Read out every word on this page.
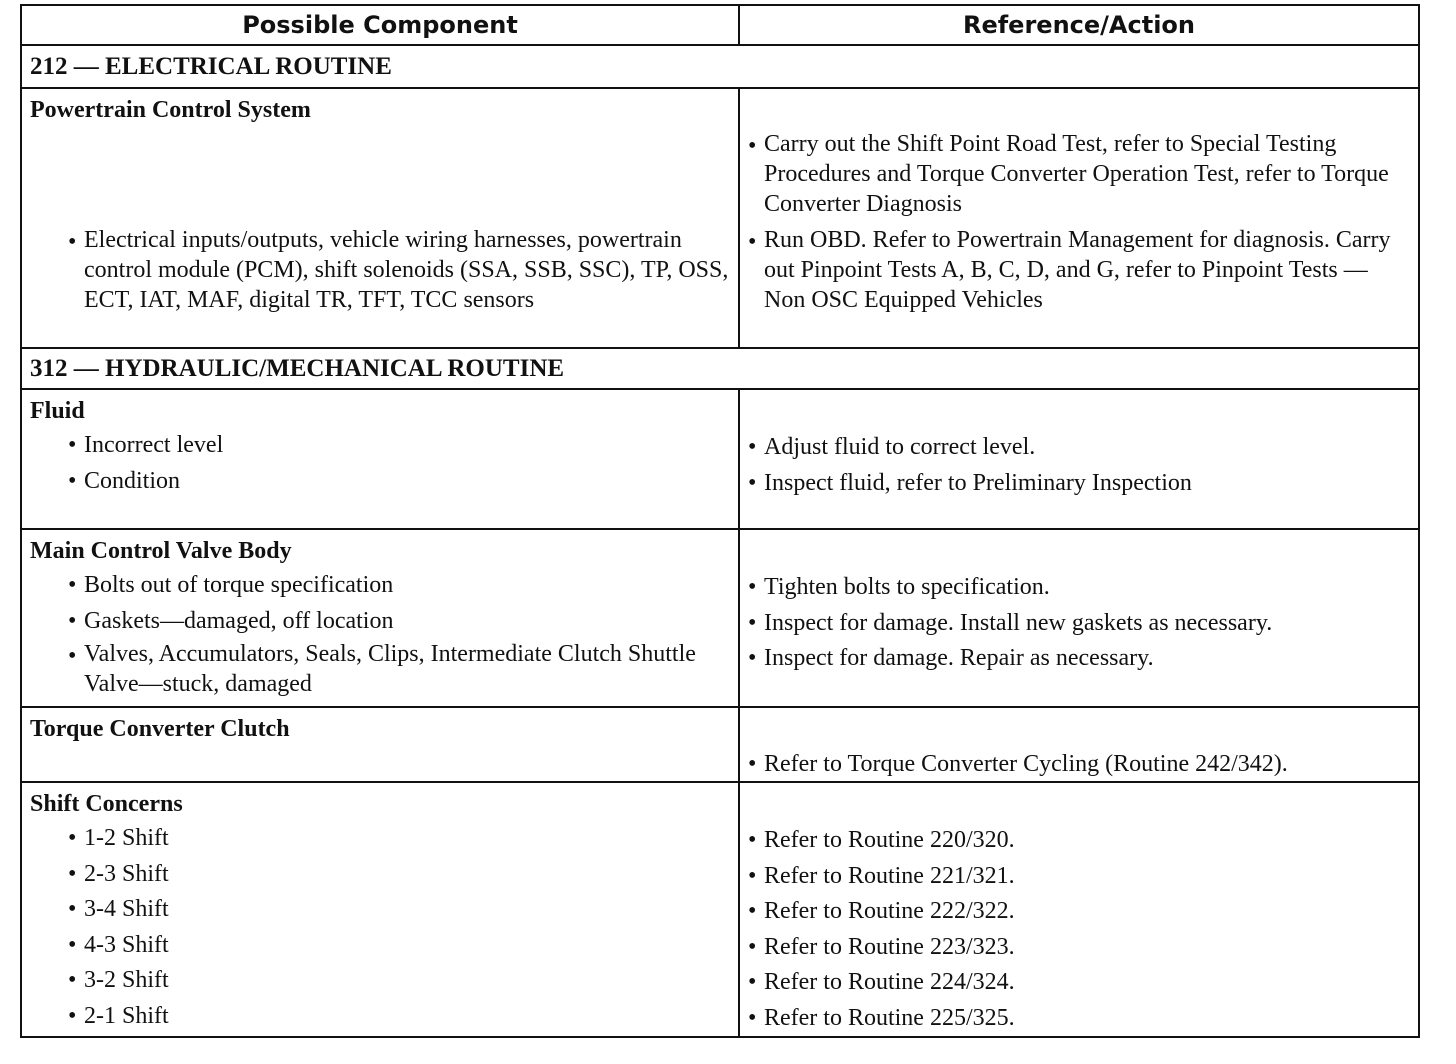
Possible Component	Reference/Action
212 — ELECTRICAL ROUTINE
Powertrain Control System
• Electrical inputs/outputs, vehicle wiring harnesses, powertrain control module (PCM), shift solenoids (SSA, SSB, SSC), TP, OSS, ECT, IAT, MAF, digital TR, TFT, TCC sensors
• Carry out the Shift Point Road Test, refer to Special Testing Procedures and Torque Converter Operation Test, refer to Torque Converter Diagnosis
• Run OBD. Refer to Powertrain Management for diagnosis. Carry out Pinpoint Tests A, B, C, D, and G, refer to Pinpoint Tests — Non OSC Equipped Vehicles
312 — HYDRAULIC/MECHANICAL ROUTINE
Fluid
• Incorrect level
• Condition
• Adjust fluid to correct level.
• Inspect fluid, refer to Preliminary Inspection
Main Control Valve Body
• Bolts out of torque specification
• Gaskets—damaged, off location
• Valves, Accumulators, Seals, Clips, Intermediate Clutch Shuttle Valve—stuck, damaged
• Tighten bolts to specification.
• Inspect for damage. Install new gaskets as necessary.
• Inspect for damage. Repair as necessary.
Torque Converter Clutch
• Refer to Torque Converter Cycling (Routine 242/342).
Shift Concerns
• 1-2 Shift
• 2-3 Shift
• 3-4 Shift
• 4-3 Shift
• 3-2 Shift
• 2-1 Shift
• Refer to Routine 220/320.
• Refer to Routine 221/321.
• Refer to Routine 222/322.
• Refer to Routine 223/323.
• Refer to Routine 224/324.
• Refer to Routine 225/325.
